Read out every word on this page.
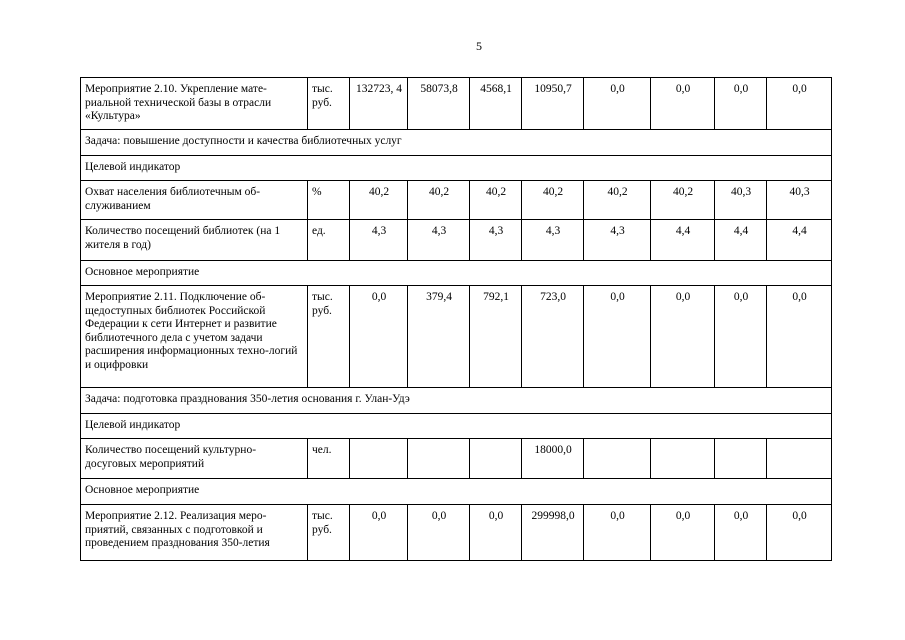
5
Мероприятие 2.10. Укрепление мате-риальной технической базы в отрасли «Культура»	тыс. руб.	132723, 4	58073,8	4568,1	10950,7	0,0	0,0	0,0	0,0
Задача: повышение доступности и качества библиотечных услуг									
Целевой индикатор									
Охват населения библиотечным об-служиванием	%	40,2	40,2	40,2	40,2	40,2	40,2	40,3	40,3
Количество посещений библиотек (на 1 жителя в год)	ед.	4,3	4,3	4,3	4,3	4,3	4,4	4,4	4,4
Основное мероприятие									
Мероприятие 2.11. Подключение об-щедоступных библиотек Российской Федерации к сети Интернет и развитие библиотечного дела с учетом задачи расширения информационных техно-логий и оцифровки	тыс. руб.	0,0	379,4	792,1	723,0	0,0	0,0	0,0	0,0
Задача: подготовка празднования 350-летия основания г. Улан-Удэ									
Целевой индикатор									
Количество посещений культурно-досуговых мероприятий	чел.				18000,0				
Основное мероприятие									
Мероприятие 2.12. Реализация меро-приятий, связанных с подготовкой и проведением празднования 350-летия	тыс. руб.	0,0	0,0	0,0	299998,0	0,0	0,0	0,0	0,0
